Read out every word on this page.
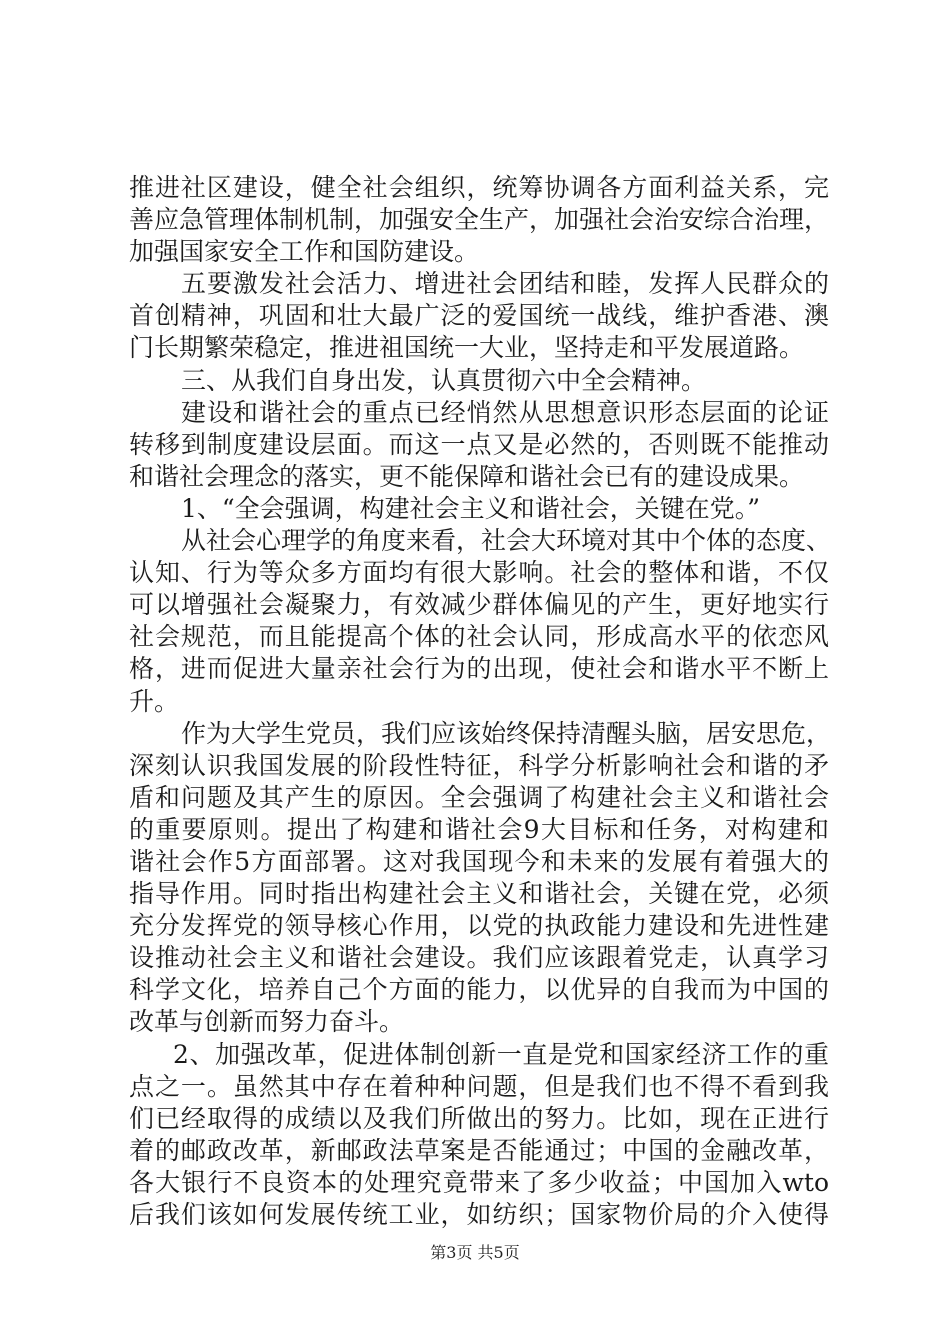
推进社区建设，健全社会组织，统筹协调各方面利益关系，完
善应急管理体制机制，加强安全生产，加强社会治安综合治理，
加强国家安全工作和国防建设。
五要激发社会活力、增进社会团结和睦，发挥人民群众的
首创精神，巩固和壮大最广泛的爱国统一战线，维护香港、澳
门长期繁荣稳定，推进祖国统一大业，坚持走和平发展道路。
三、从我们自身出发，认真贯彻六中全会精神。
建设和谐社会的重点已经悄然从思想意识形态层面的论证
转移到制度建设层面。而这一点又是必然的，否则既不能推动
和谐社会理念的落实，更不能保障和谐社会已有的建设成果。
1、“全会强调，构建社会主义和谐社会，关键在党。”
从社会心理学的角度来看，社会大环境对其中个体的态度、
认知、行为等众多方面均有很大影响。社会的整体和谐，不仅
可以增强社会凝聚力，有效减少群体偏见的产生，更好地实行
社会规范，而且能提高个体的社会认同，形成高水平的依恋风
格，进而促进大量亲社会行为的出现，使社会和谐水平不断上
升。
作为大学生党员，我们应该始终保持清醒头脑，居安思危，
深刻认识我国发展的阶段性特征，科学分析影响社会和谐的矛
盾和问题及其产生的原因。全会强调了构建社会主义和谐社会
的重要原则。提出了构建和谐社会9大目标和任务，对构建和
谐社会作5方面部署。这对我国现今和未来的发展有着强大的
指导作用。同时指出构建社会主义和谐社会，关键在党，必须
充分发挥党的领导核心作用，以党的执政能力建设和先进性建
设推动社会主义和谐社会建设。我们应该跟着党走，认真学习
科学文化，培养自己个方面的能力，以优异的自我而为中国的
改革与创新而努力奋斗。
2、加强改革，促进体制创新一直是党和国家经济工作的重
点之一。虽然其中存在着种种问题，但是我们也不得不看到我
们已经取得的成绩以及我们所做出的努力。比如，现在正进行
着的邮政改革，新邮政法草案是否能通过；中国的金融改革，
各大银行不良资本的处理究竟带来了多少收益；中国加入wto
后我们该如何发展传统工业，如纺织；国家物价局的介入使得
第3页 共5页
